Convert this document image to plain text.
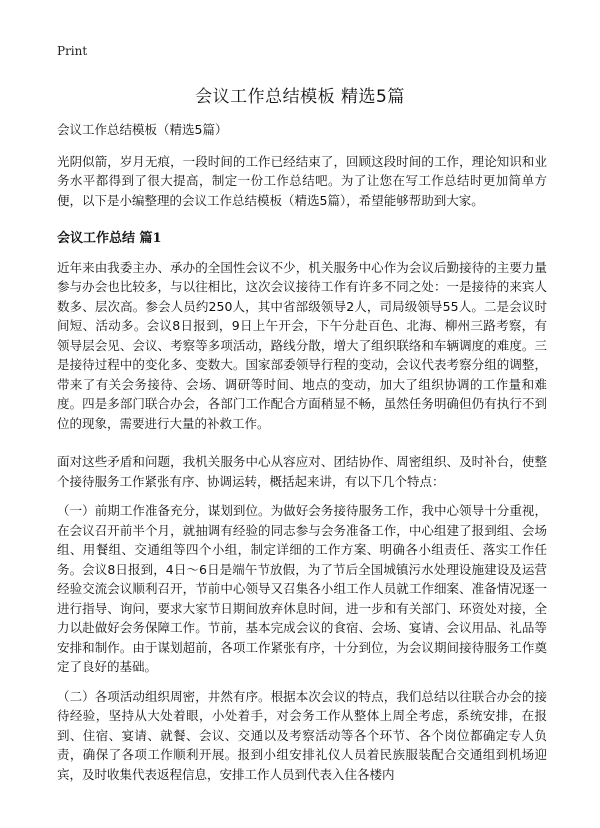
Print
会议工作总结模板 精选5篇

会议工作总结模板（精选5篇）

光阴似箭，岁月无痕，一段时间的工作已经结束了，回顾这段时间的工作，理论知识和业务水平都得到了很大提高，制定一份工作总结吧。为了让您在写工作总结时更加简单方便，以下是小编整理的会议工作总结模板（精选5篇），希望能够帮助到大家。

会议工作总结 篇1

近年来由我委主办、承办的全国性会议不少，机关服务中心作为会议后勤接待的主要力量参与办会也比较多，与以往相比，这次会议接待工作有许多不同之处：一是接待的来宾人数多、层次高。参会人员约250人，其中省部级领导2人，司局级领导55人。二是会议时间短、活动多。会议8日报到，9日上午开会，下午分赴百色、北海、柳州三路考察，有领导层会见、会议、考察等多项活动，路线分散，增大了组织联络和车辆调度的难度。三是接待过程中的变化多、变数大。国家部委领导行程的变动，会议代表考察分组的调整，带来了有关会务接待、会场、调研等时间、地点的变动，加大了组织协调的工作量和难度。四是多部门联合办会，各部门工作配合方面稍显不畅，虽然任务明确但仍有执行不到位的现象，需要进行大量的补救工作。

面对这些矛盾和问题，我机关服务中心从容应对、团结协作、周密组织、及时补台，使整个接待服务工作紧张有序、协调运转，概括起来讲，有以下几个特点：

（一）前期工作准备充分，谋划到位。为做好会务接待服务工作，我中心领导十分重视，在会议召开前半个月，就抽调有经验的同志参与会务准备工作，中心组建了报到组、会场组、用餐组、交通组等四个小组，制定详细的工作方案、明确各小组责任、落实工作任务。会议8日报到，4日～6日是端午节放假，为了节后全国城镇污水处理设施建设及运营经验交流会议顺利召开，节前中心领导又召集各小组工作人员就工作细案、准备情况逐一进行指导、询问，要求大家节日期间放弃休息时间，进一步和有关部门、环资处对接，全力以赴做好会务保障工作。节前，基本完成会议的食宿、会场、宴请、会议用品、礼品等安排和制作。由于谋划超前，各项工作紧张有序，十分到位，为会议期间接待服务工作奠定了良好的基础。

（二）各项活动组织周密，井然有序。根据本次会议的特点，我们总结以往联合办会的接待经验，坚持从大处着眼，小处着手，对会务工作从整体上周全考虑，系统安排，在报到、住宿、宴请、就餐、会议、交通以及考察活动等各个环节、各个岗位都确定专人负责，确保了各项工作顺利开展。报到小组安排礼仪人员着民族服装配合交通组到机场迎宾，及时收集代表返程信息，安排工作人员到代表入住各楼内
